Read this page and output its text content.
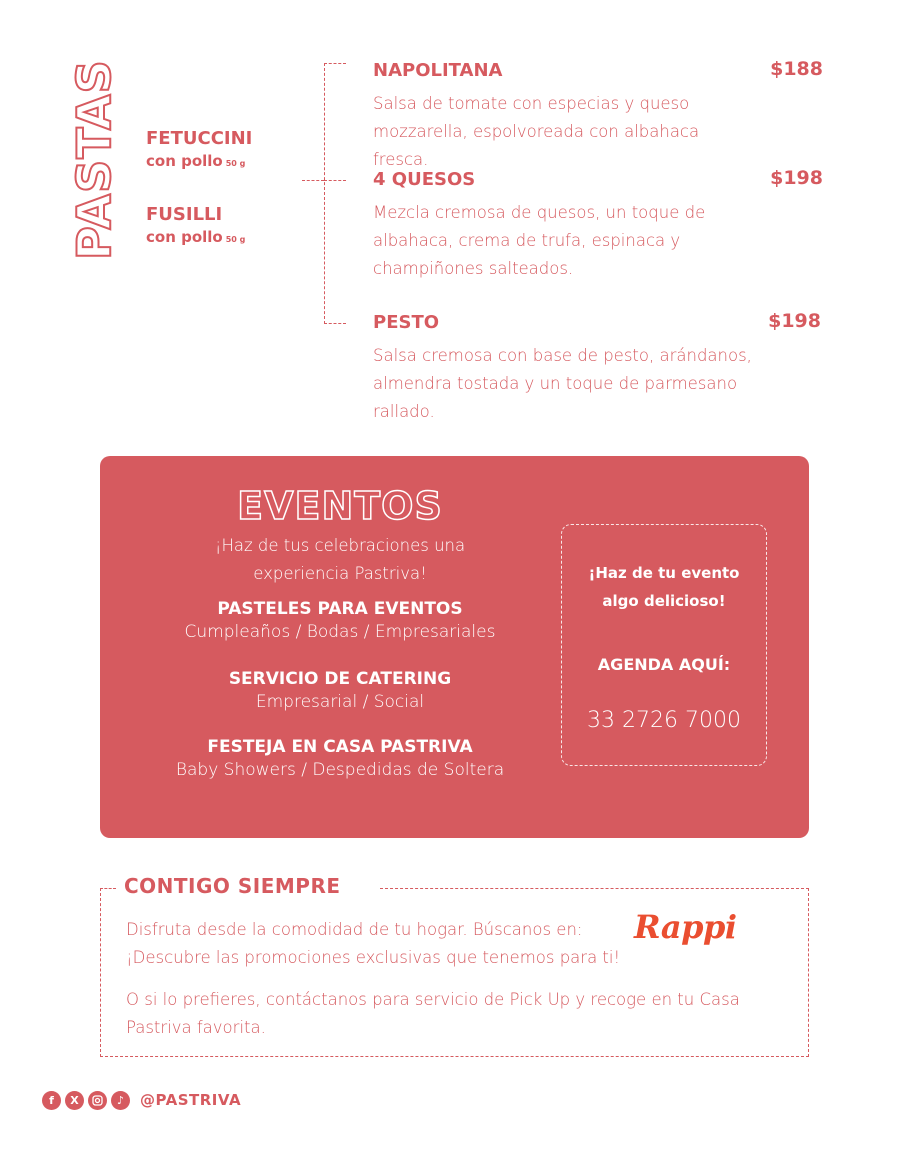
PASTAS FETUCCINI
con pollo 50 g
FUSILLI
con pollo 50 g
NAPOLITANA	$188
Salsa de tomate con especias y queso mozzarella, espolvoreada con albahaca fresca.
4 QUESOS	$198
Mezcla cremosa de quesos, un toque de albahaca, crema de trufa, espinaca y champiñones salteados.
PESTO	$198
Salsa cremosa con base de pesto, arándanos, almendra tostada y un toque de parmesano rallado.
EVENTOS
¡Haz de tus celebraciones una
experiencia Pastriva!
PASTELES PARA EVENTOS
Cumpleaños / Bodas / Empresariales
SERVICIO DE CATERING
Empresarial / Social
FESTEJA EN CASA PASTRIVA
Baby Showers / Despedidas de Soltera
¡Haz de tu evento
algo delicioso!
AGENDA AQUÍ:
33 2726 7000
CONTIGO SIEMPRE
Disfruta desde la comodidad de tu hogar. Búscanos en:
¡Descubre las promociones exclusivas que tenemos para ti!
O si lo prefieres, contáctanos para servicio de Pick Up y recoge en tu Casa
Pastriva favorita.
Rappi
f	X	♪	@PASTRIVA
